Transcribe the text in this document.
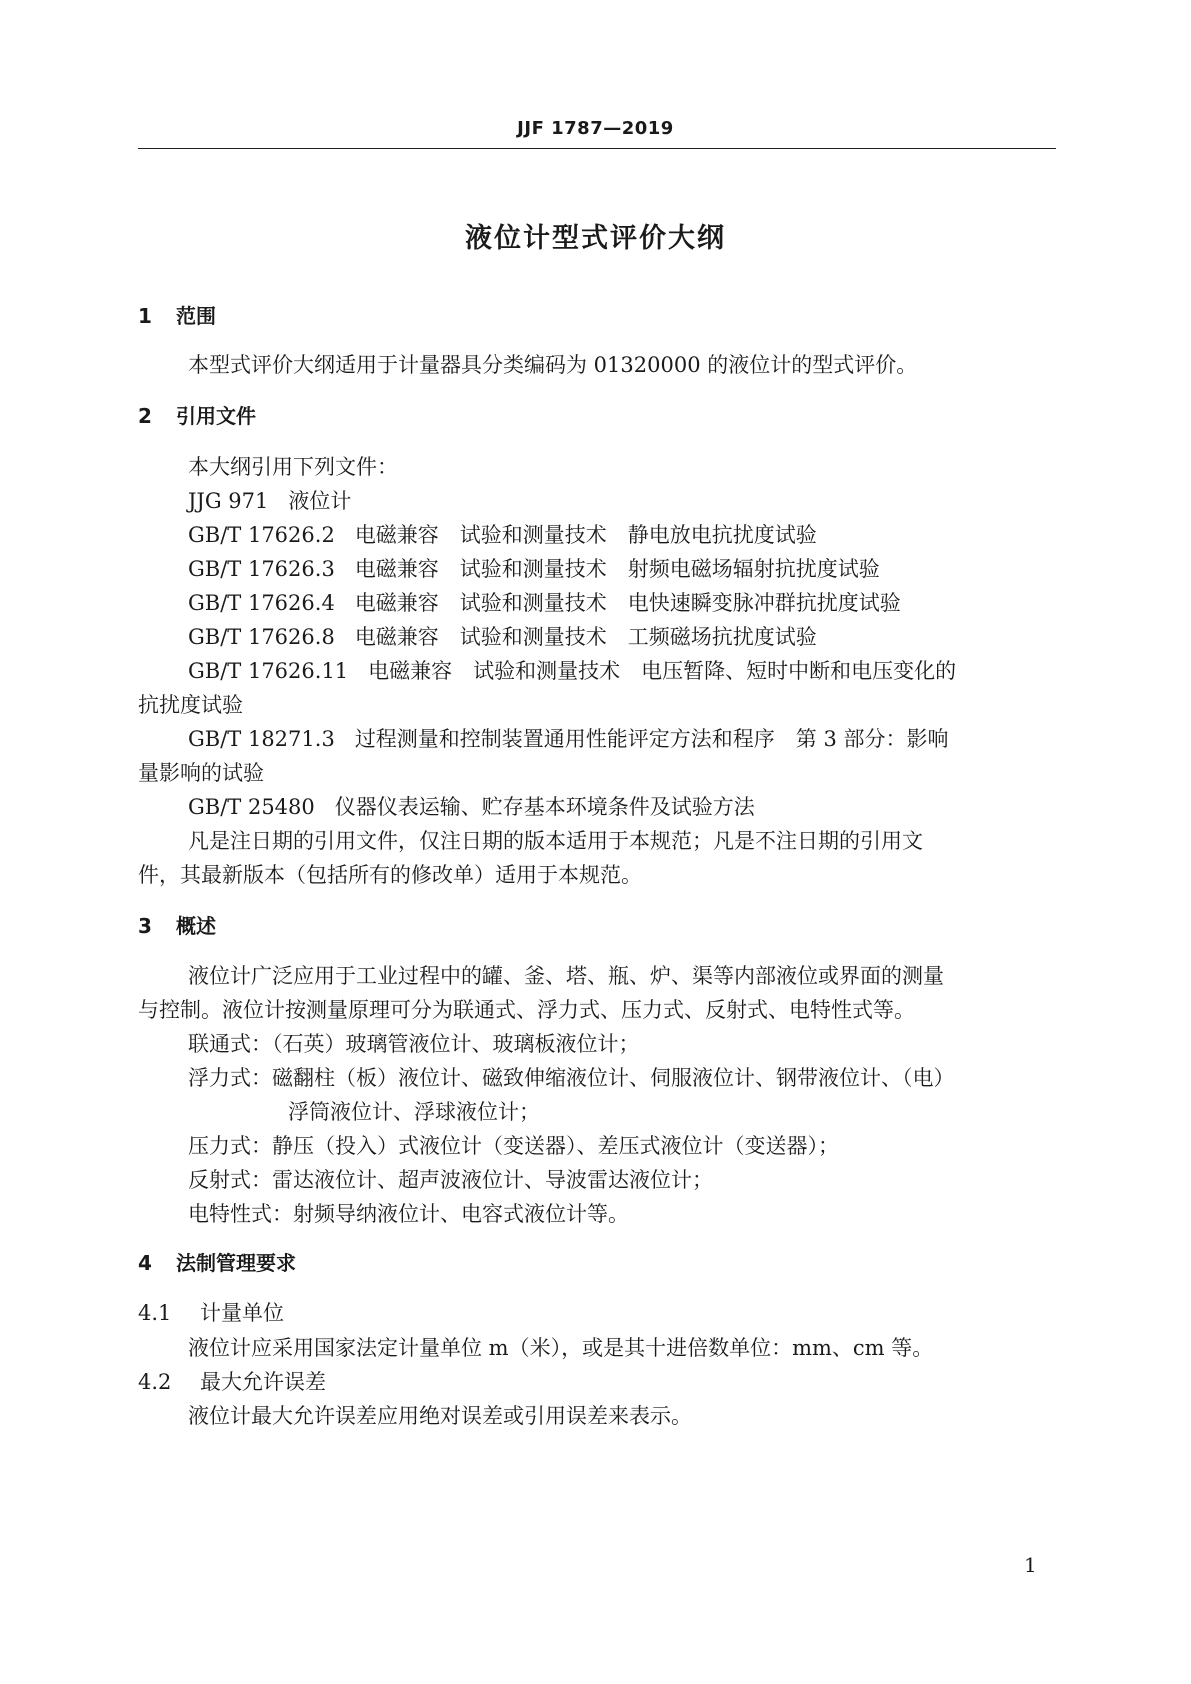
JJF 1787—2019
液位计型式评价大纲
1 范围
本型式评价大纲适用于计量器具分类编码为 01320000 的液位计的型式评价。
2 引用文件
本大纲引用下列文件：
JJG 971 液位计
GB/T 17626.2 电磁兼容　试验和测量技术　静电放电抗扰度试验
GB/T 17626.3 电磁兼容　试验和测量技术　射频电磁场辐射抗扰度试验
GB/T 17626.4 电磁兼容　试验和测量技术　电快速瞬变脉冲群抗扰度试验
GB/T 17626.8 电磁兼容　试验和测量技术　工频磁场抗扰度试验
GB/T 17626.11 电磁兼容　试验和测量技术　电压暂降、短时中断和电压变化的
抗扰度试验
GB/T 18271.3 过程测量和控制装置通用性能评定方法和程序　第 3 部分：影响
量影响的试验
GB/T 25480 仪器仪表运输、贮存基本环境条件及试验方法
凡是注日期的引用文件，仅注日期的版本适用于本规范；凡是不注日期的引用文
件，其最新版本（包括所有的修改单）适用于本规范。
3 概述
液位计广泛应用于工业过程中的罐、釜、塔、瓶、炉、渠等内部液位或界面的测量
与控制。液位计按测量原理可分为联通式、浮力式、压力式、反射式、电特性式等。
联通式：（石英）玻璃管液位计、玻璃板液位计；
浮力式：磁翻柱（板）液位计、磁致伸缩液位计、伺服液位计、钢带液位计、（电）
浮筒液位计、浮球液位计；
压力式：静压（投入）式液位计（变送器）、差压式液位计（变送器）；
反射式：雷达液位计、超声波液位计、导波雷达液位计；
电特性式：射频导纳液位计、电容式液位计等。
4 法制管理要求
4.1 计量单位
液位计应采用国家法定计量单位 m（米），或是其十进倍数单位：mm、cm 等。
4.2 最大允许误差
液位计最大允许误差应用绝对误差或引用误差来表示。
1
